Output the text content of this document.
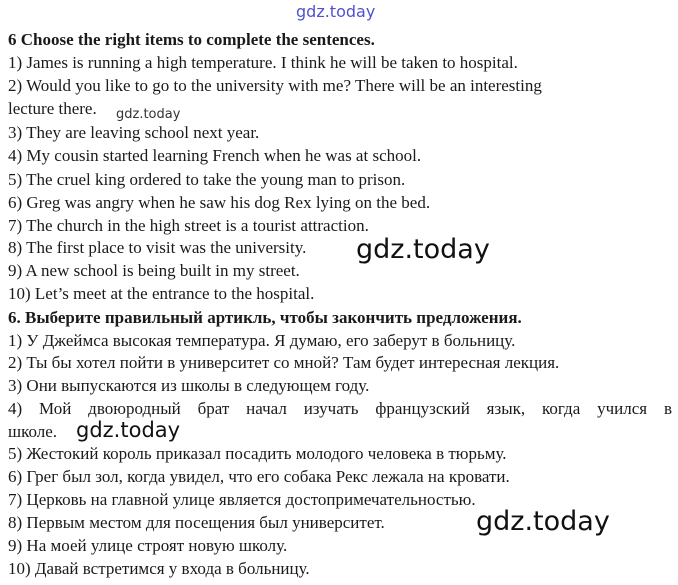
gdz.today
6 Choose the right items to complete the sentences.
1) James is running a high temperature. I think he will be taken to hospital.
2) Would you like to go to the university with me? There will be an interesting
lecture there.
3) They are leaving school next year.
4) My cousin started learning French when he was at school.
5) The cruel king ordered to take the young man to prison.
6) Greg was angry when he saw his dog Rex lying on the bed.
7) The church in the high street is a tourist attraction.
8) The first place to visit was the university.
9) A new school is being built in my street.
10) Let’s meet at the entrance to the hospital.
6. Выберите правильный артикль, чтобы закончить предложения.
1) У Джеймса высокая температура. Я думаю, его заберут в больницу.
2) Ты бы хотел пойти в университет со мной? Там будет интересная лекция.
3) Они выпускаются из школы в следующем году.
4) Мой двоюродный брат начал изучать французский язык, когда учился в
школе.
5) Жестокий король приказал посадить молодого человека в тюрьму.
6) Грег был зол, когда увидел, что его собака Рекс лежала на кровати.
7) Церковь на главной улице является достопримечательностью.
8) Первым местом для посещения был университет.
9) На моей улице строят новую школу.
10) Давай встретимся у входа в больницу.
gdz.today
gdz.today
gdz.today
gdz.today
